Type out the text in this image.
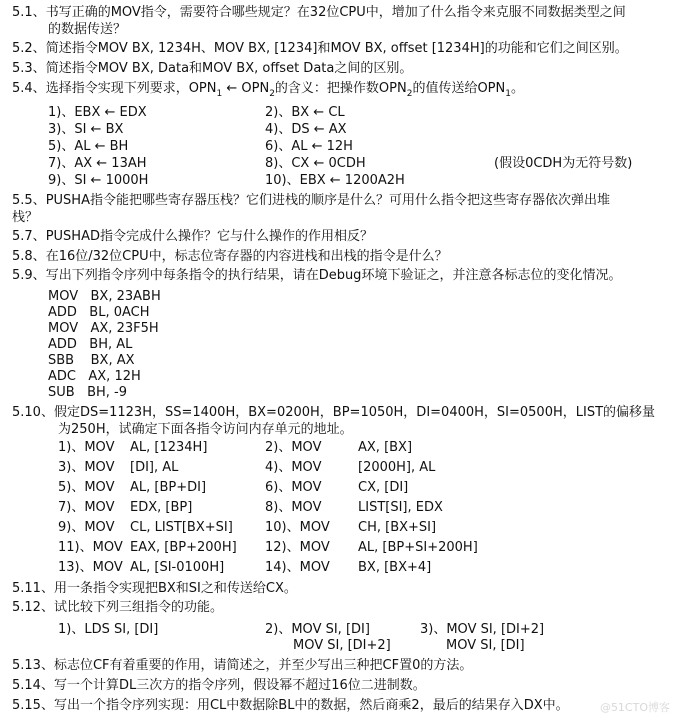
5.1、书写正确的MOV指令，需要符合哪些规定？在32位CPU中，增加了什么指令来克服不同数据类型之间
的数据传送？
5.2、简述指令MOV BX, 1234H、MOV BX, [1234]和MOV BX, offset [1234H]的功能和它们之间区别。
5.3、简述指令MOV BX, Data和MOV BX, offset Data之间的区别。
5.4、选择指令实现下列要求，$OPN_1$ ← $OPN_2$的含义：把操作数$OPN_2$的值传送给$OPN_1$。
1)、EBX ← EDX	2)、BX ← CL
3)、SI ← BX	4)、DS ← AX
5)、AL ← BH	6)、AL ← 12H
7)、AX ← 13AH	8)、CX ← 0CDH	(假设0CDH为无符号数)
9)、SI ← 1000H	10)、EBX ← 1200A2H
5.5、PUSHA指令能把哪些寄存器压栈？它们进栈的顺序是什么？可用什么指令把这些寄存器依次弹出堆
栈？
5.7、PUSHAD指令完成什么操作？它与什么操作的作用相反？
5.8、在16位/32位CPU中，标志位寄存器的内容进栈和出栈的指令是什么？
5.9、写出下列指令序列中每条指令的执行结果，请在Debug环境下验证之，并注意各标志位的变化情况。
MOV   BX, 23ABH
ADD   BL, 0ACH
MOV   AX, 23F5H
ADD   BH, AL
SBB    BX, AX
ADC   AX, 12H
SUB   BH, -9
5.10、假定DS=1123H，SS=1400H，BX=0200H，BP=1050H，DI=0400H，SI=0500H，LIST的偏移量
为250H，试确定下面各指令访问内存单元的地址。
1)、MOV AL, [1234H]	2)、MOV	AX, [BX]
3)、MOV [DI], AL	4)、MOV	[2000H], AL
5)、MOV AL, [BP+DI]	6)、MOV	CX, [DI]
7)、MOV EDX, [BP]	8)、MOV	LIST[SI], EDX
9)、MOV CL, LIST[BX+SI] 10)、MOV CH, [BX+SI]
11)、MOV EAX, [BP+200H] 12)、MOV AL, [BP+SI+200H]
13)、MOV AL, [SI-0100H]	14)、MOV BX, [BX+4]
5.11、用一条指令实现把BX和SI之和传送给CX。
5.12、试比较下列三组指令的功能。
1)、LDS SI, [DI]	2)、MOV SI, [DI]
MOV SI, [DI+2]
3)、MOV SI, [DI+2]
MOV SI, [DI]
5.13、标志位CF有着重要的作用，请简述之，并至少写出三种把CF置0的方法。
5.14、写一个计算DL三次方的指令序列，假设幂不超过16位二进制数。
5.15、写出一个指令序列实现：用CL中数据除BL中的数据，然后商乘2，最后的结果存入DX中。	@51CTO博客
